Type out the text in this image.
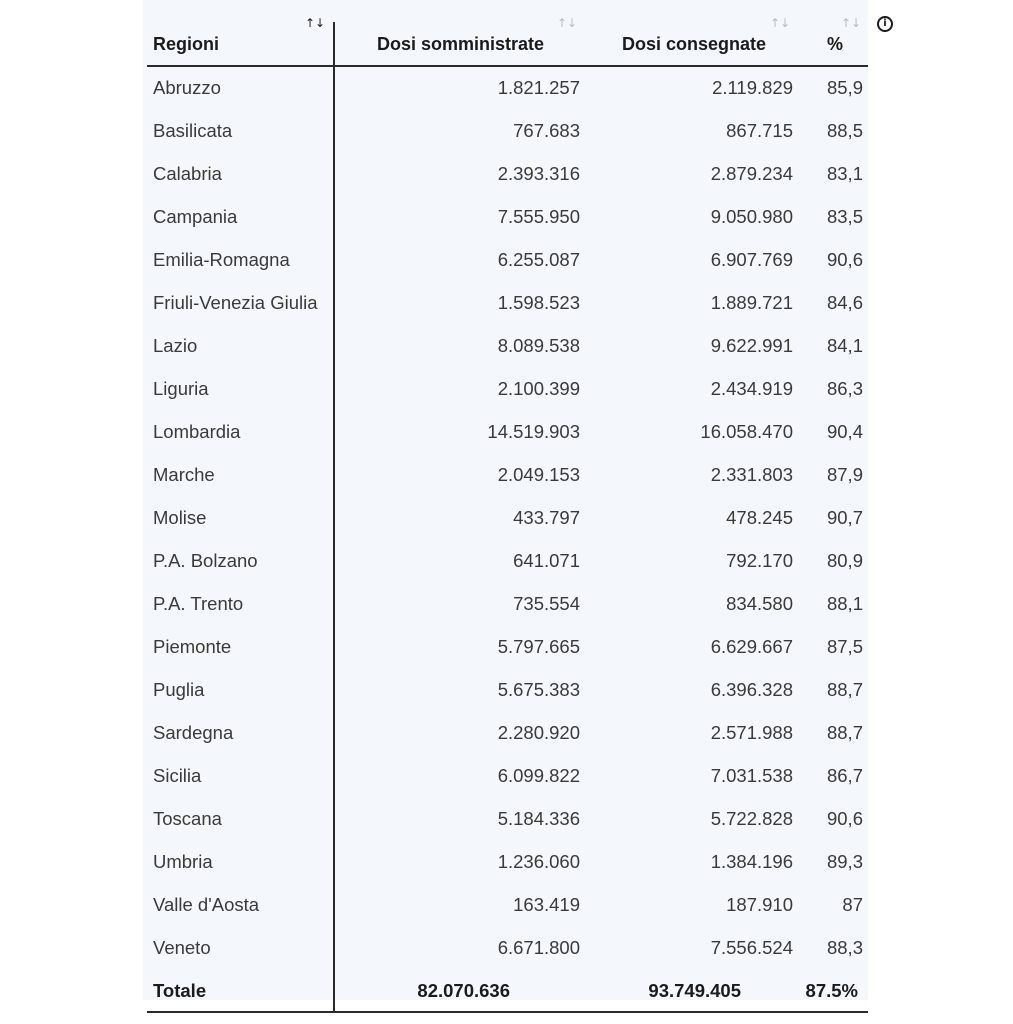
↑↓	↑↓	↑↓	↑↓ i
Regioni	Dosi somministrate	Dosi consegnate	%
Abruzzo	1.821.257	2.119.829 85,9
Basilicata	767.683	867.715 88,5
Calabria	2.393.316	2.879.234 83,1
Campania	7.555.950	9.050.980 83,5
Emilia-Romagna	6.255.087	6.907.769 90,6
Friuli-Venezia Giulia	1.598.523	1.889.721 84,6
Lazio	8.089.538	9.622.991 84,1
Liguria	2.100.399	2.434.919 86,3
Lombardia	14.519.903	16.058.470 90,4
Marche	2.049.153	2.331.803 87,9
Molise	433.797	478.245 90,7
P.A. Bolzano	641.071	792.170 80,9
P.A. Trento	735.554	834.580 88,1
Piemonte	5.797.665	6.629.667 87,5
Puglia	5.675.383	6.396.328 88,7
Sardegna	2.280.920	2.571.988 88,7
Sicilia	6.099.822	7.031.538 86,7
Toscana	5.184.336	5.722.828 90,6
Umbria	1.236.060	1.384.196 89,3
Valle d'Aosta	163.419	187.910	87
Veneto	6.671.800	7.556.524 88,3
Totale	82.070.636	93.749.405	87.5%
